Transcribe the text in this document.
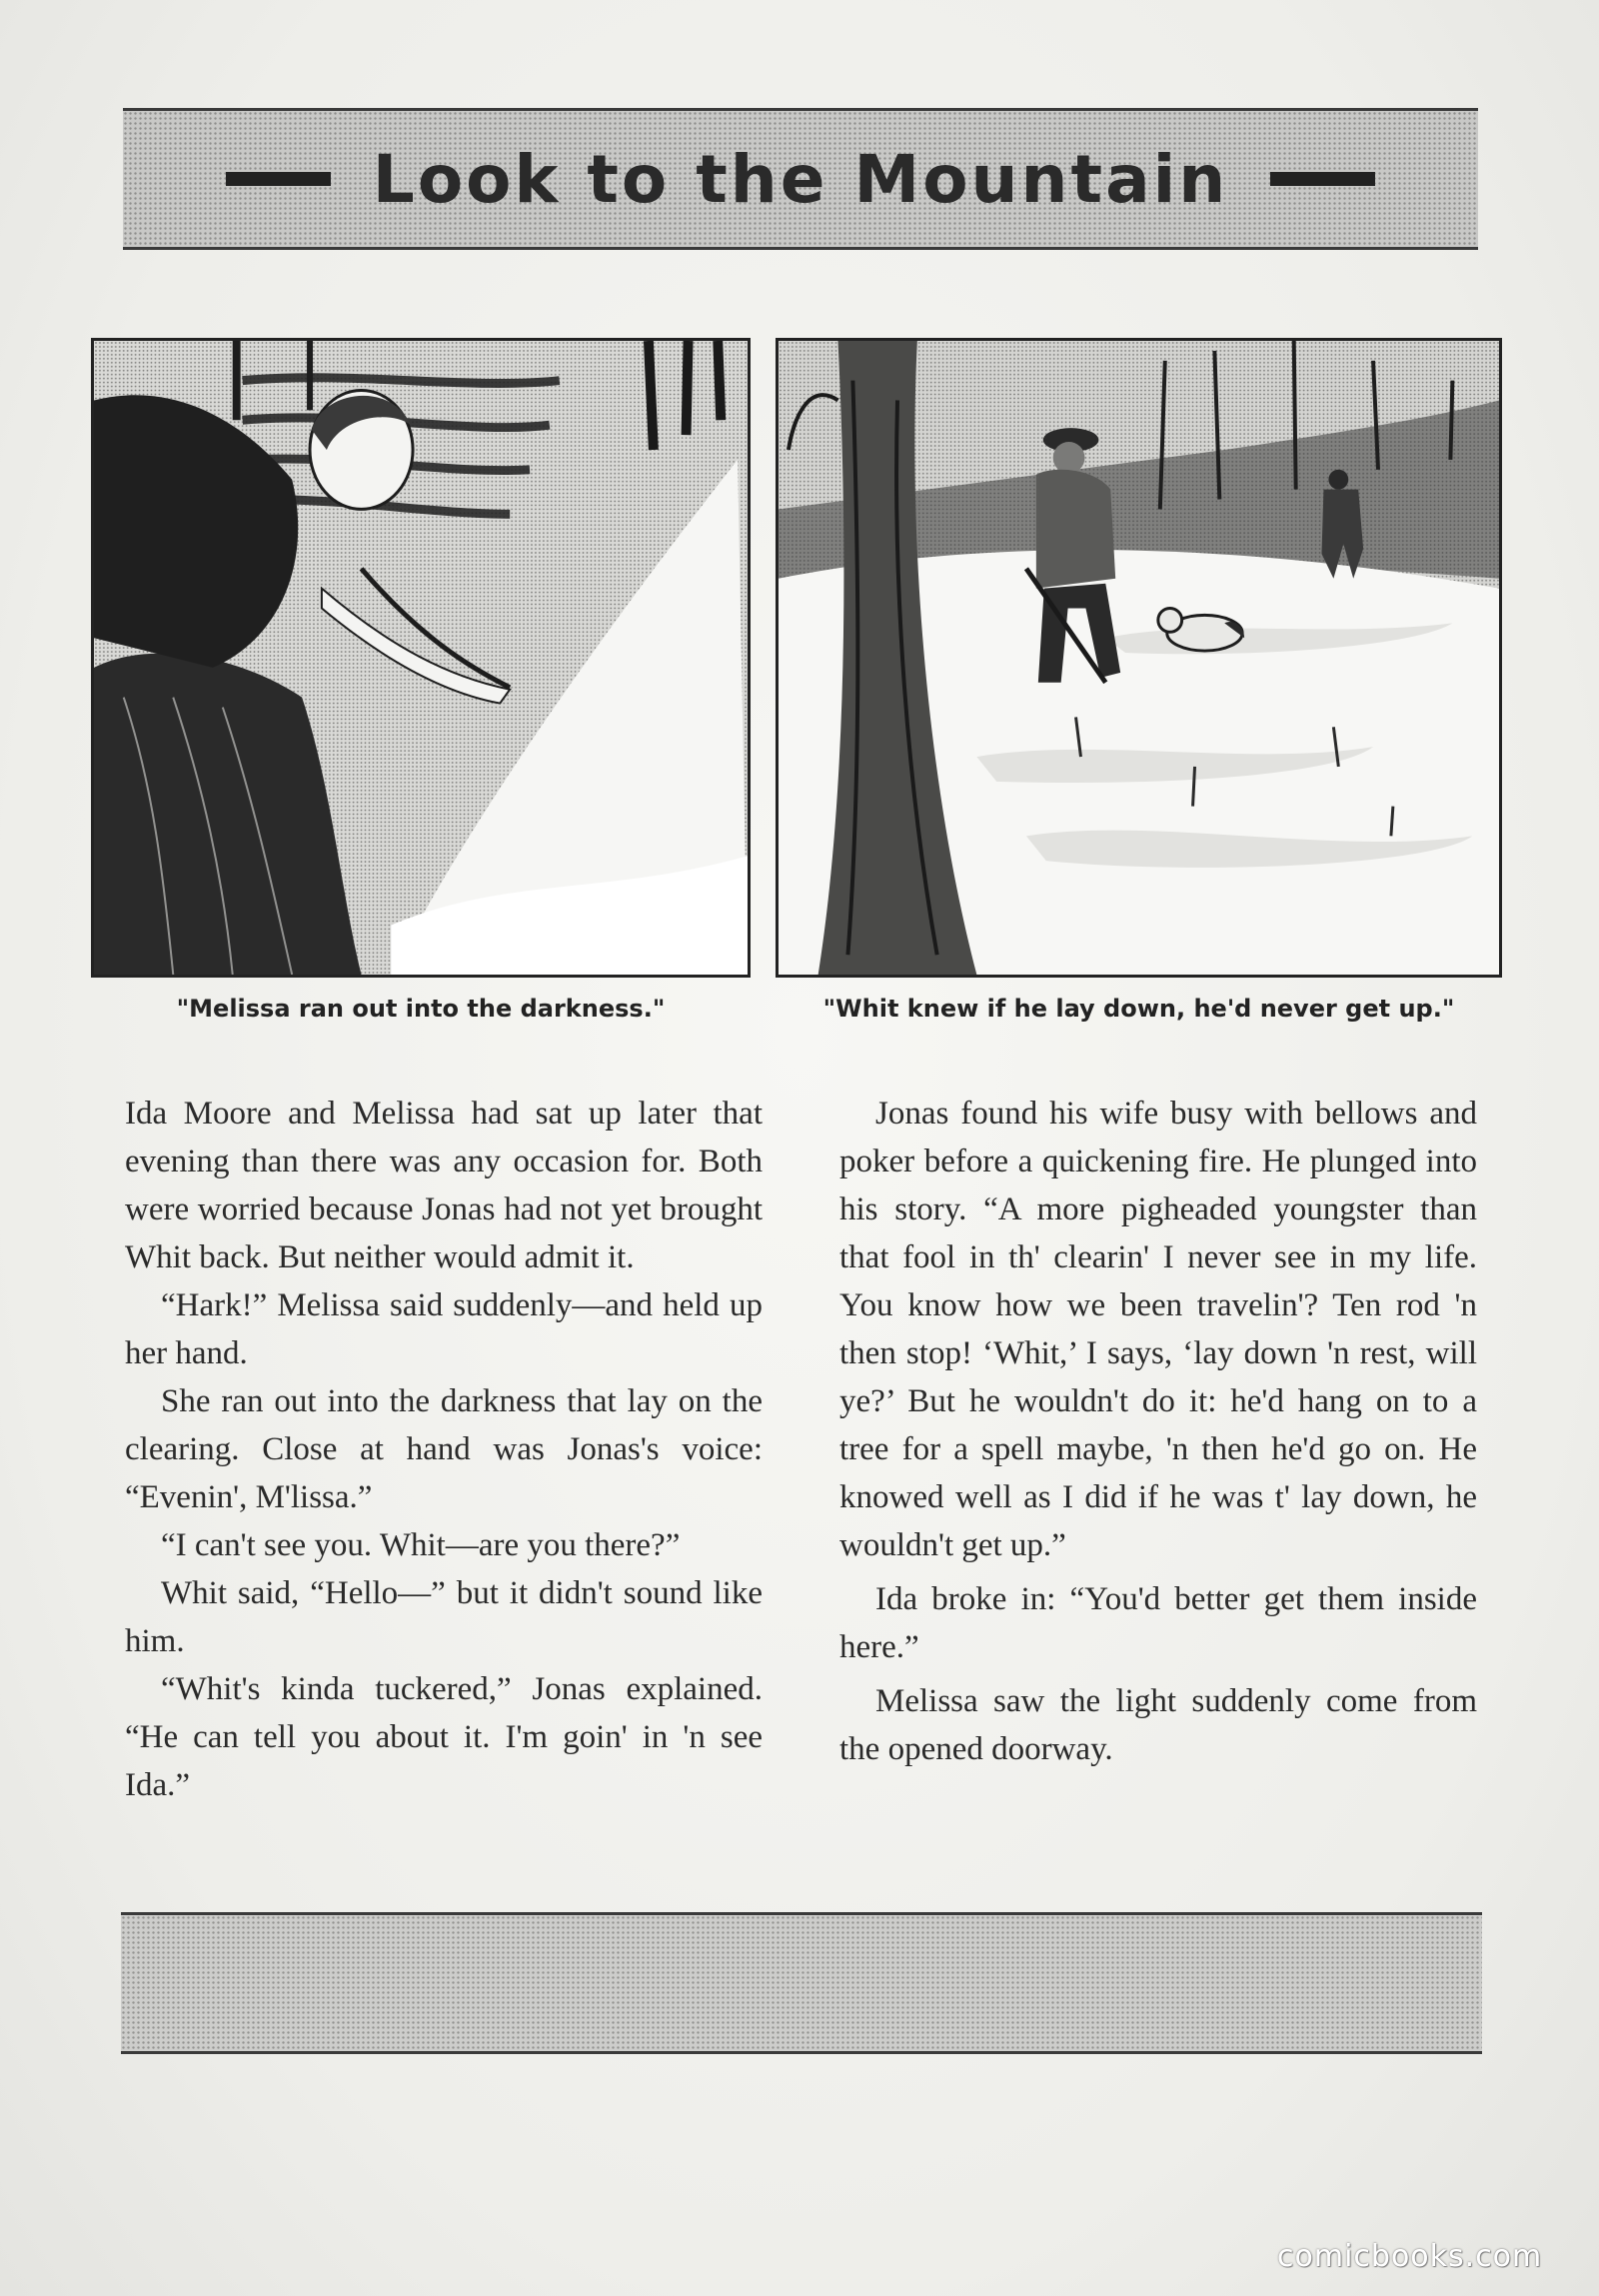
Look to the Mountain
"Melissa ran out into the darkness."	"Whit knew if he lay down, he'd never get up."

Ida Moore and Melissa had sat up later that evening than there was any occasion for. Both were worried because Jonas had not yet brought Whit back. But neither would admit it.

“Hark!” Melissa said suddenly—and held up her hand.

She ran out into the darkness that lay on the clearing. Close at hand was Jonas's voice: “Evenin', M'lissa.”

“I can't see you. Whit—are you there?”

Whit said, “Hello—” but it didn't sound like him.

“Whit's kinda tuckered,” Jonas explained. “He can tell you about it. I'm goin' in 'n see Ida.”

Jonas found his wife busy with bellows and poker before a quickening fire. He plunged into his story. “A more pigheaded youngster than that fool in th' clearin' I never see in my life. You know how we been travelin'? Ten rod 'n then stop! ‘Whit,’ I says, ‘lay down 'n rest, will ye?’ But he wouldn't do it: he'd hang on to a tree for a spell maybe, 'n then he'd go on. He knowed well as I did if he was t' lay down, he wouldn't get up.”

Ida broke in: “You'd better get them inside here.”

Melissa saw the light suddenly come from the opened doorway.

comicbooks.com
